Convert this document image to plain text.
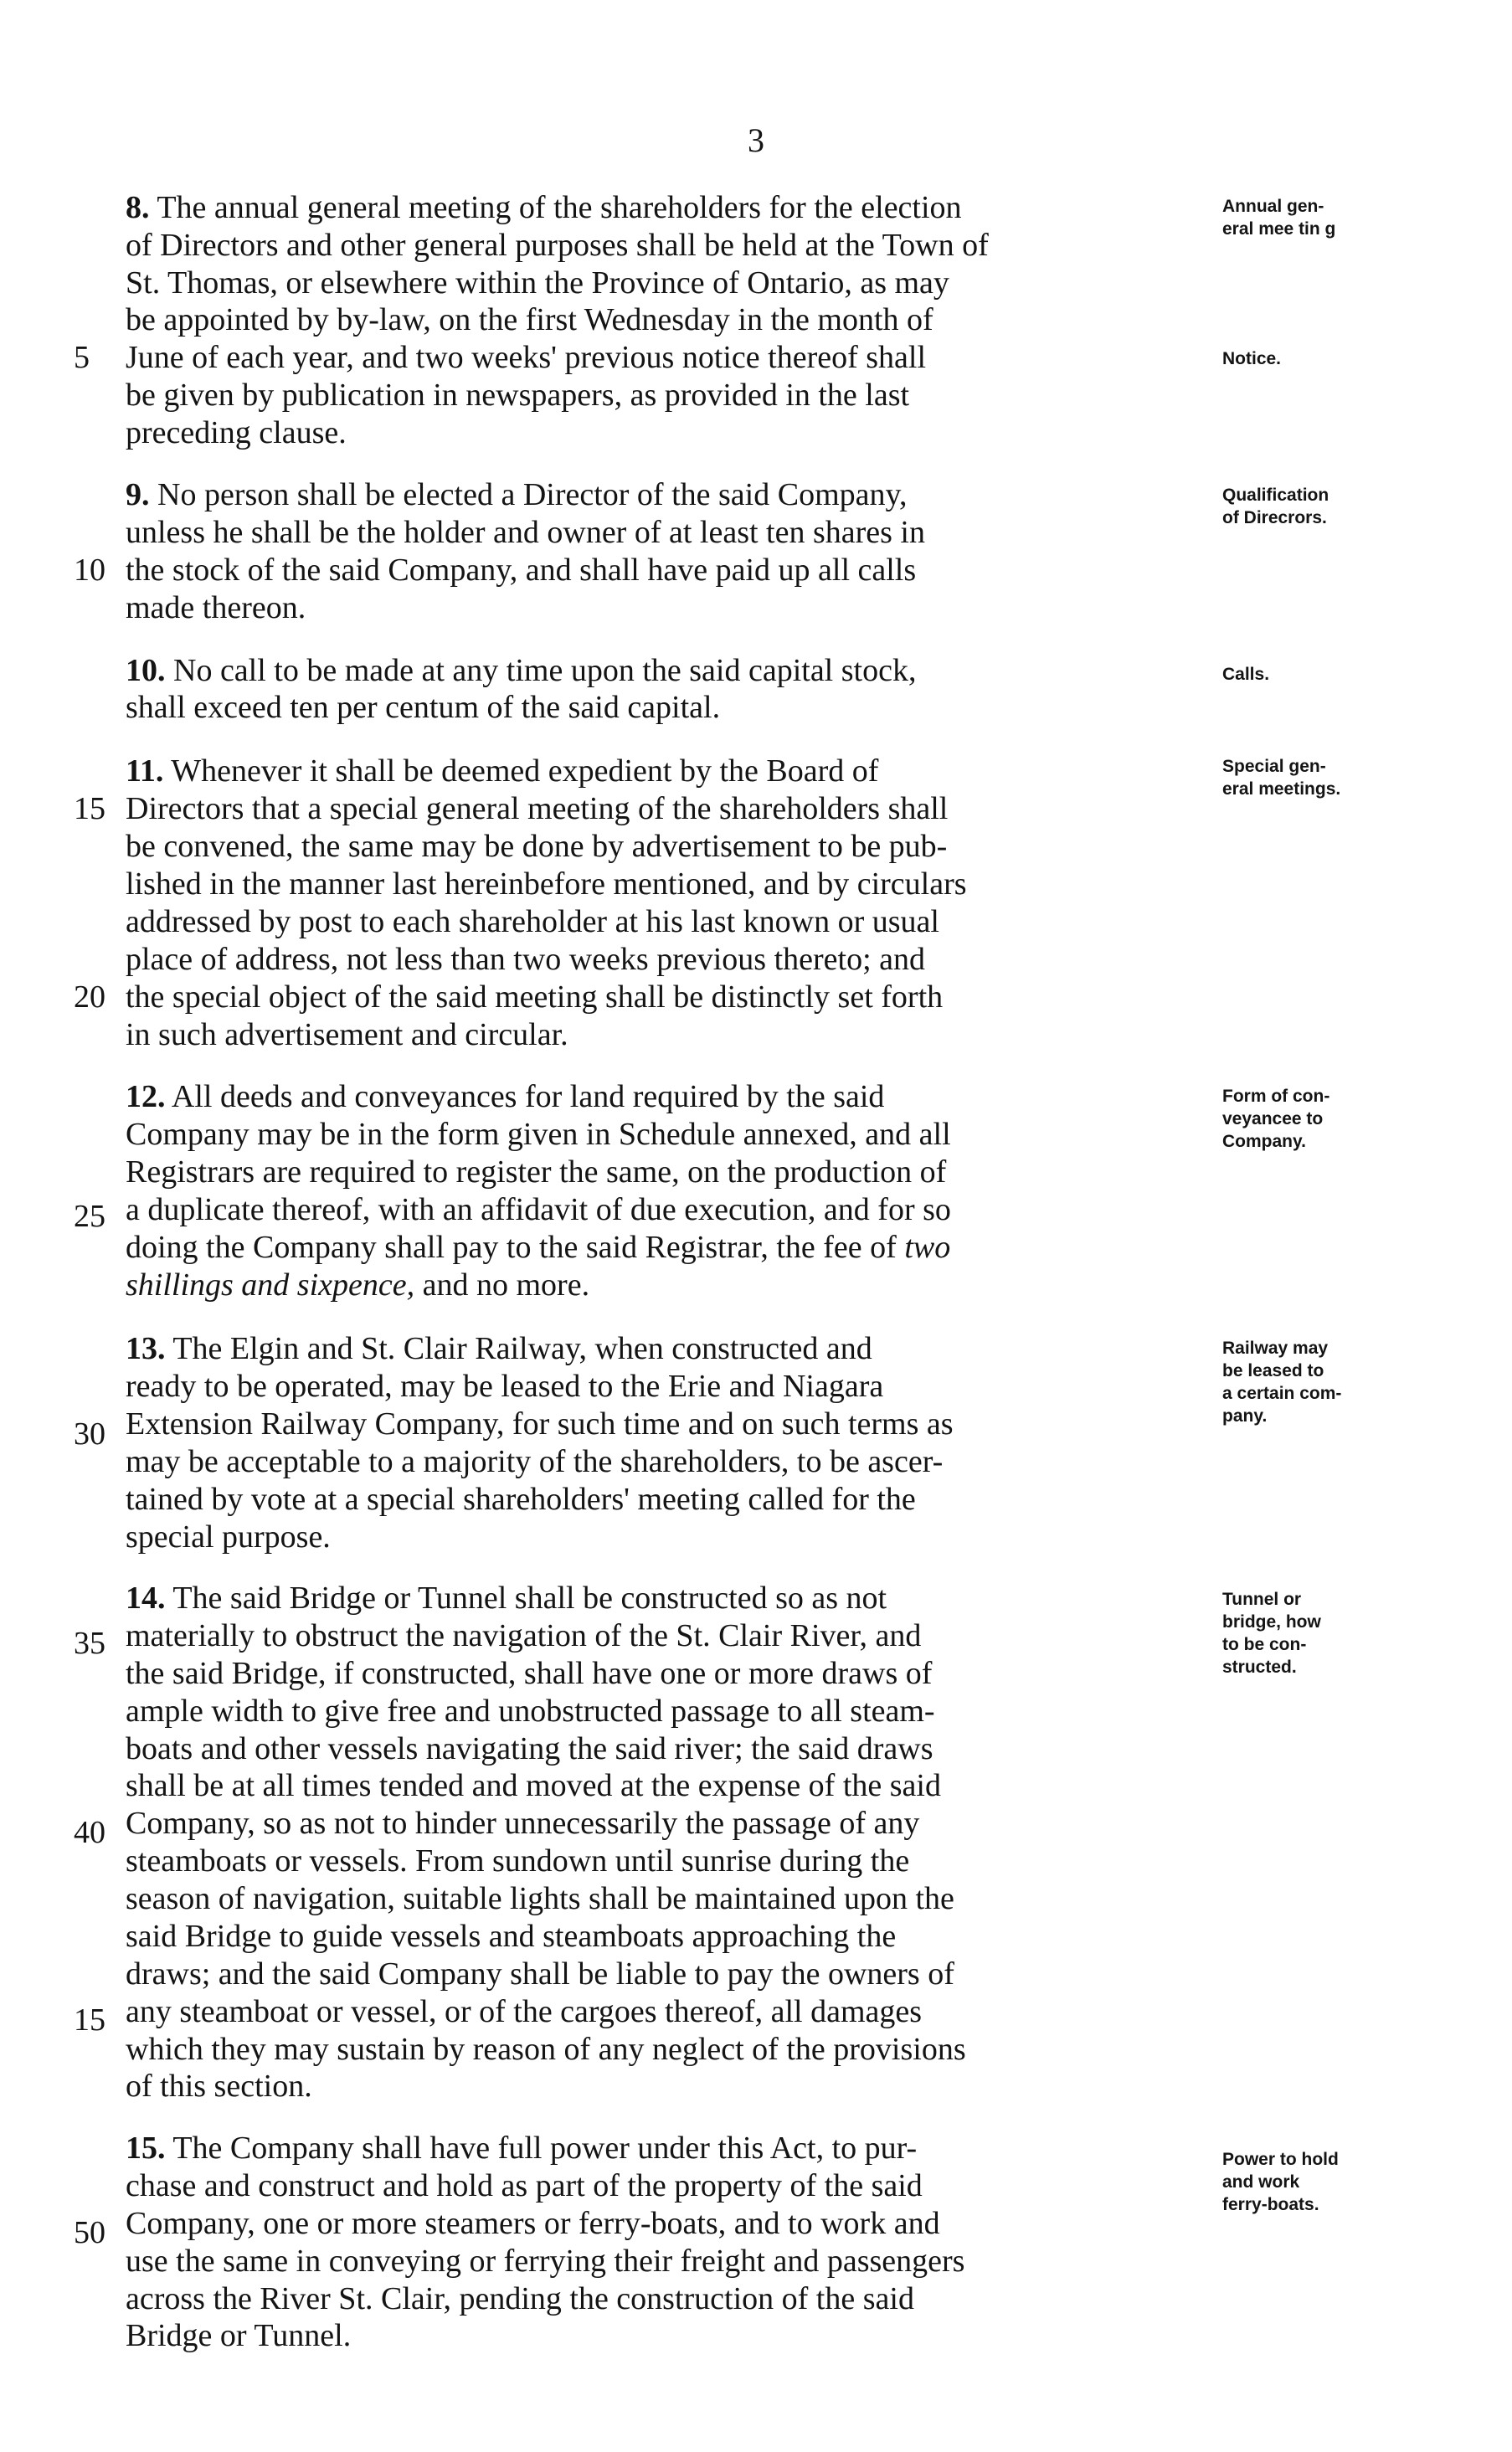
3
8. The annual general meeting of the shareholders for the election
of Directors and other general purposes shall be held at the Town of
St. Thomas, or elsewhere within the Province of Ontario, as may
be appointed by by-law, on the first Wednesday in the month of
June of each year, and two weeks' previous notice thereof shall
be given by publication in newspapers, as provided in the last
preceding clause.
Annual gen-
eral mee tin g
Notice.
9. No person shall be elected a Director of the said Company,
unless he shall be the holder and owner of at least ten shares in
the stock of the said Company, and shall have paid up all calls
made thereon.
Qualification
of Direcrors.
10. No call to be made at any time upon the said capital stock,
shall exceed ten per centum of the said capital.
Calls.
11. Whenever it shall be deemed expedient by the Board of
Directors that a special general meeting of the shareholders shall
be convened, the same may be done by advertisement to be pub-
lished in the manner last hereinbefore mentioned, and by circulars
addressed by post to each shareholder at his last known or usual
place of address, not less than two weeks previous thereto; and
the special object of the said meeting shall be distinctly set forth
in such advertisement and circular.
Special gen-
eral meetings.
12. All deeds and conveyances for land required by the said
Company may be in the form given in Schedule annexed, and all
Registrars are required to register the same, on the production of
a duplicate thereof, with an affidavit of due execution, and for so
doing the Company shall pay to the said Registrar, the fee of two
shillings and sixpence, and no more.
Form of con-
veyancee to
Company.
13. The Elgin and St. Clair Railway, when constructed and
ready to be operated, may be leased to the Erie and Niagara
Extension Railway Company, for such time and on such terms as
may be acceptable to a majority of the shareholders, to be ascer-
tained by vote at a special shareholders' meeting called for the
special purpose.
Railway may
be leased to
a certain com-
pany.
14. The said Bridge or Tunnel shall be constructed so as not
materially to obstruct the navigation of the St. Clair River, and
the said Bridge, if constructed, shall have one or more draws of
ample width to give free and unobstructed passage to all steam-
boats and other vessels navigating the said river; the said draws
shall be at all times tended and moved at the expense of the said
Company, so as not to hinder unnecessarily the passage of any
steamboats or vessels. From sundown until sunrise during the
season of navigation, suitable lights shall be maintained upon the
said Bridge to guide vessels and steamboats approaching the
draws; and the said Company shall be liable to pay the owners of
any steamboat or vessel, or of the cargoes thereof, all damages
which they may sustain by reason of any neglect of the provisions
of this section.
Tunnel or
bridge, how
to be con-
structed.
15. The Company shall have full power under this Act, to pur-
chase and construct and hold as part of the property of the said
Company, one or more steamers or ferry-boats, and to work and
use the same in conveying or ferrying their freight and passengers
across the River St. Clair, pending the construction of the said
Bridge or Tunnel.
Power to hold
and work
ferry-boats.
5
10
15
20
25
30
35
40
15
50
